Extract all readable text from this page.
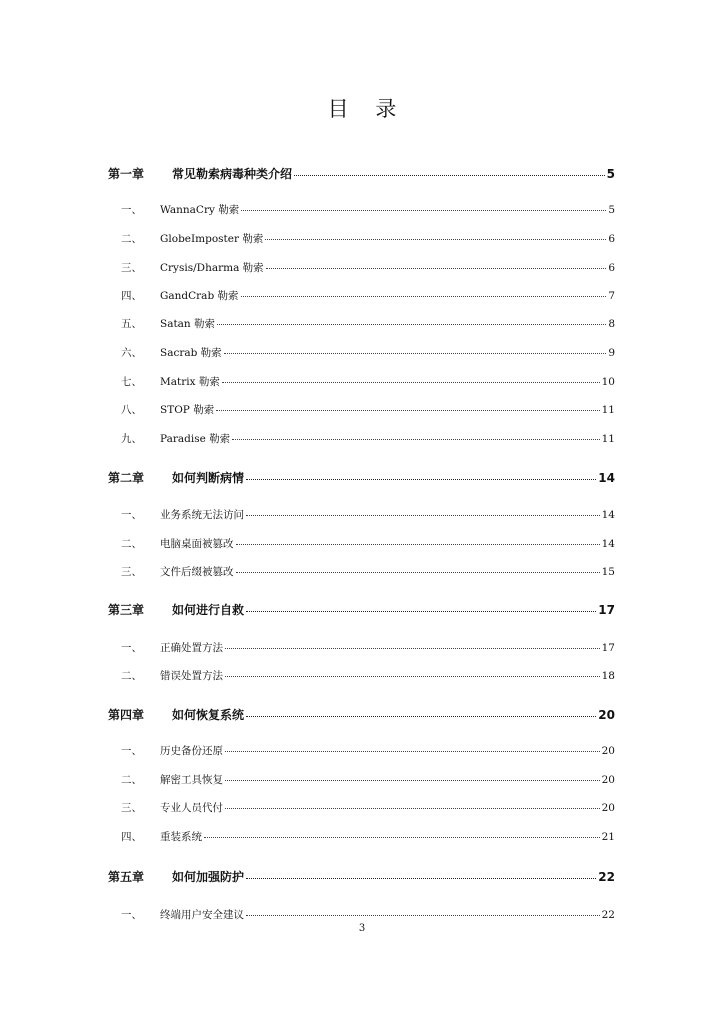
目 录
第一章	常见勒索病毒种类介绍	5
一、	WannaCry 勒索	5
二、	GlobeImposter 勒索	6
三、	Crysis/Dharma 勒索	6
四、	GandCrab 勒索	7
五、	Satan 勒索	8
六、	Sacrab 勒索	9
七、	Matrix 勒索	10
八、	STOP 勒索	11
九、	Paradise 勒索	11
第二章	如何判断病情	14
一、	业务系统无法访问	14
二、	电脑桌面被篡改	14
三、	文件后缀被篡改	15
第三章	如何进行自救	17
一、	正确处置方法	17
二、	错误处置方法	18
第四章	如何恢复系统	20
一、	历史备份还原	20
二、	解密工具恢复	20
三、	专业人员代付	20
四、	重装系统	21
第五章	如何加强防护	22
一、	终端用户安全建议	22
3
